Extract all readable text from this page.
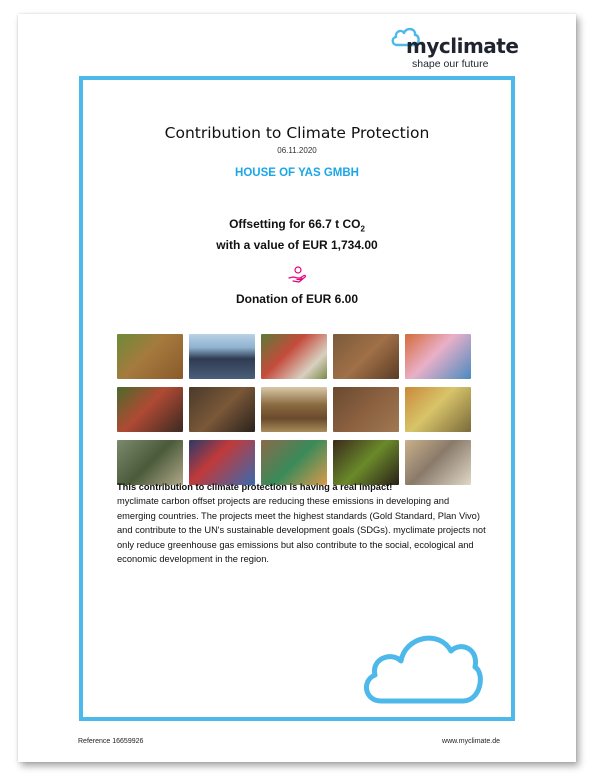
myclimate
shape our future
Contribution to Climate Protection
06.11.2020
HOUSE OF YAS GMBH
Offsetting for 66.7 t $CO_2$
with a value of EUR 1,734.00
Donation of EUR 6.00
This contribution to climate protection is having a real impact!
myclimate carbon offset projects are reducing these emissions in developing and emerging countries. The projects meet the highest standards (Gold Standard, Plan Vivo) and contribute to the UN's sustainable development goals (SDGs). myclimate projects not only reduce greenhouse gas emissions but also contribute to the social, ecological and economic development in the region.
Reference 16659926	www.myclimate.de
